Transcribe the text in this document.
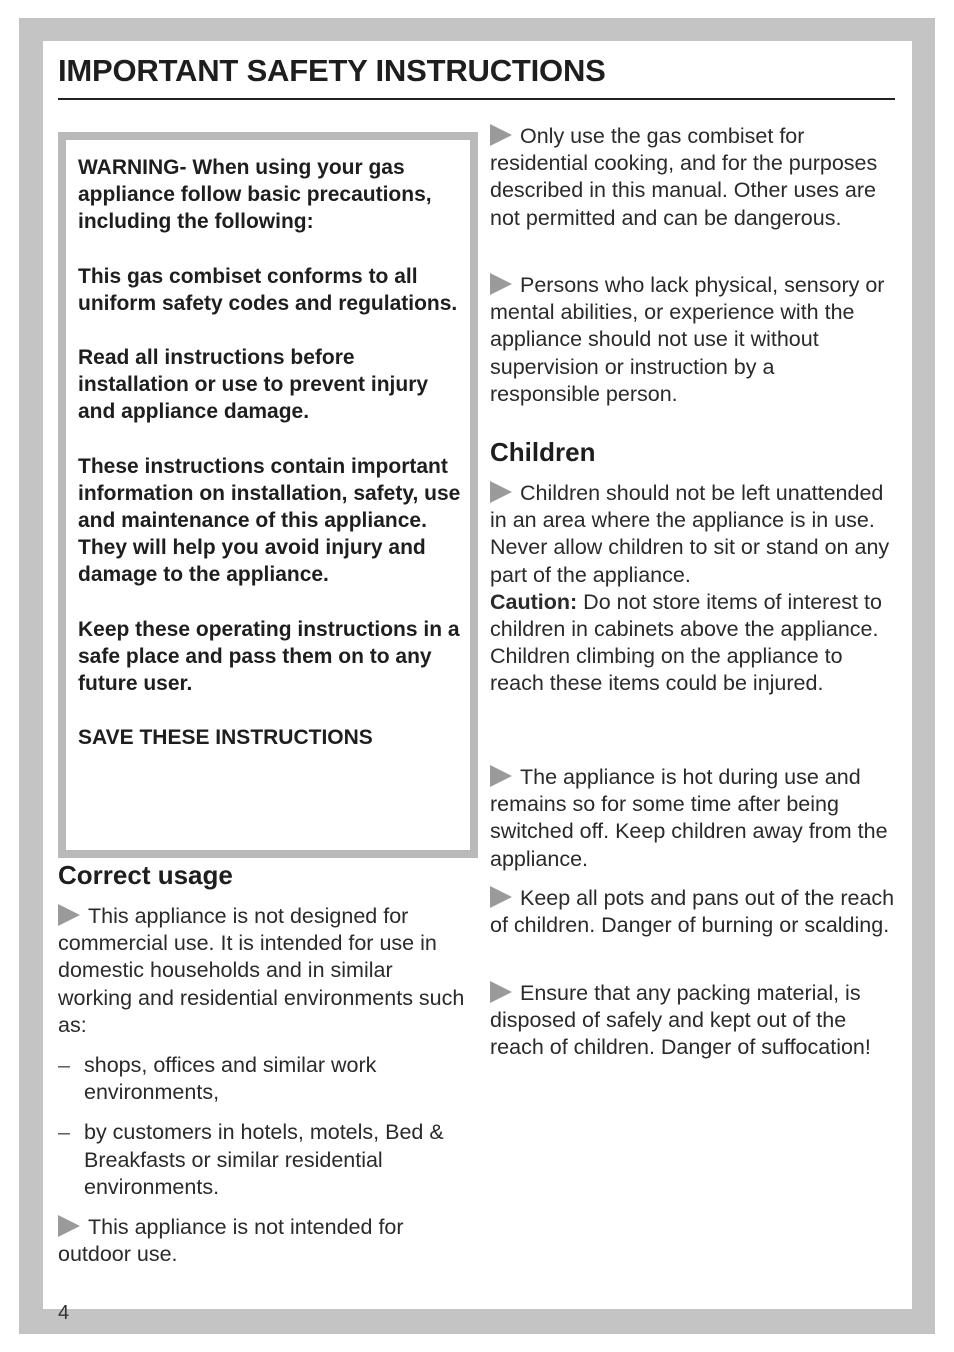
IMPORTANT SAFETY INSTRUCTIONS

WARNING- When using your gas appliance follow basic precautions, including the following:

This gas combiset conforms to all uniform safety codes and regulations.

Read all instructions before installation or use to prevent injury and appliance damage.

These instructions contain important information on installation, safety, use and maintenance of this appliance. They will help you avoid injury and damage to the appliance.

Keep these operating instructions in a safe place and pass them on to any future user.

SAVE THESE INSTRUCTIONS

Correct usage

This appliance is not designed for commercial use. It is intended for use in domestic households and in similar working and residential environments such as:

– shops, offices and similar work environments,
– by customers in hotels, motels, Bed & Breakfasts or similar residential environments.

This appliance is not intended for outdoor use.

Only use the gas combiset for residential cooking, and for the purposes described in this manual. Other uses are not permitted and can be dangerous.

Persons who lack physical, sensory or mental abilities, or experience with the appliance should not use it without supervision or instruction by a responsible person.

Children

Children should not be left unattended in an area where the appliance is in use. Never allow children to sit or stand on any part of the appliance.
Caution: Do not store items of interest to children in cabinets above the appliance. Children climbing on the appliance to reach these items could be injured.

The appliance is hot during use and remains so for some time after being switched off. Keep children away from the appliance.

Keep all pots and pans out of the reach of children. Danger of burning or scalding.

Ensure that any packing material, is disposed of safely and kept out of the reach of children. Danger of suffocation!

4
